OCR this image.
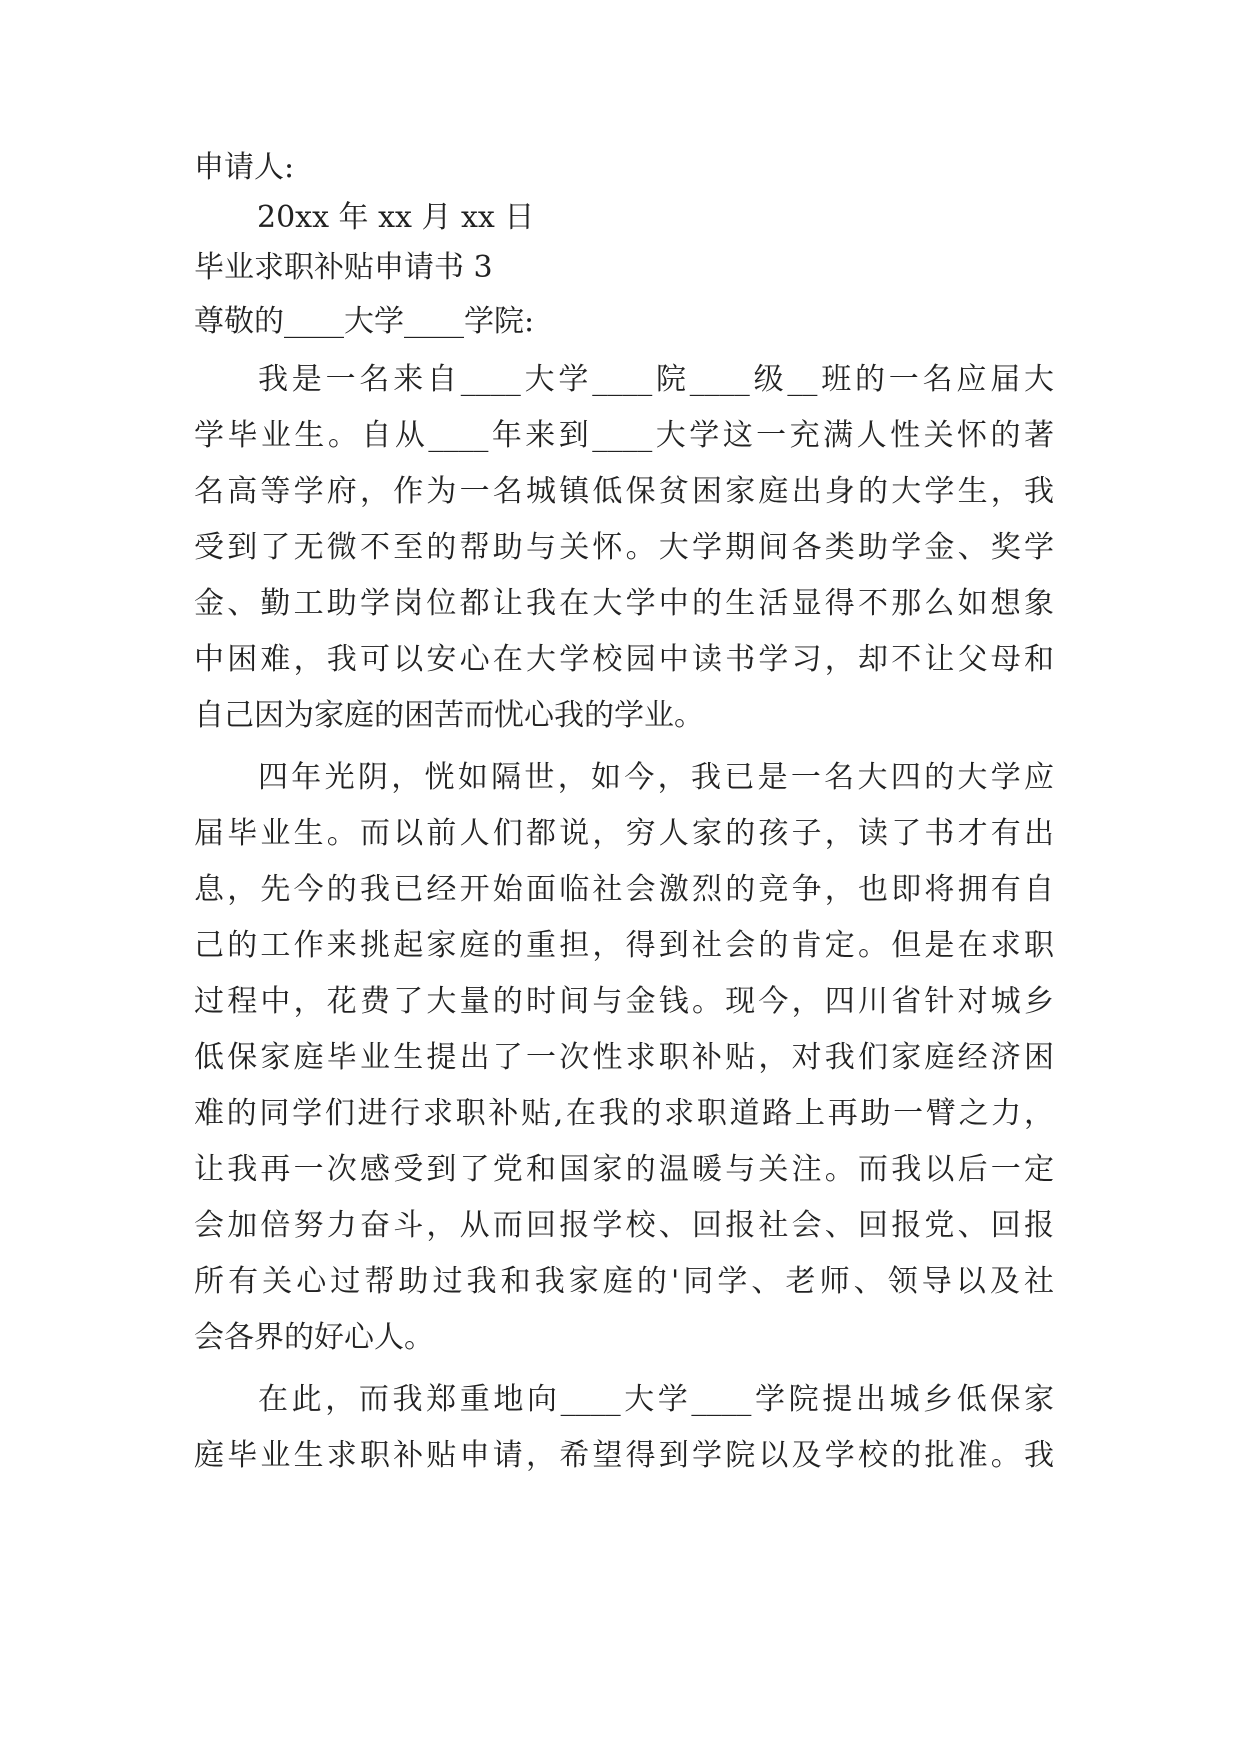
申请人:
20xx 年 xx 月 xx 日
毕业求职补贴申请书 3
尊敬的____大学____学院:
我是一名来自____大学____院____级__班的一名应届大
学毕业生。自从____年来到____大学这一充满人性关怀的著
名高等学府，作为一名城镇低保贫困家庭出身的大学生，我
受到了无微不至的帮助与关怀。大学期间各类助学金、奖学
金、勤工助学岗位都让我在大学中的生活显得不那么如想象
中困难，我可以安心在大学校园中读书学习，却不让父母和
自己因为家庭的困苦而忧心我的学业。
四年光阴，恍如隔世，如今，我已是一名大四的大学应
届毕业生。而以前人们都说，穷人家的孩子，读了书才有出
息，先今的我已经开始面临社会激烈的竞争，也即将拥有自
己的工作来挑起家庭的重担，得到社会的肯定。但是在求职
过程中，花费了大量的时间与金钱。现今，四川省针对城乡
低保家庭毕业生提出了一次性求职补贴，对我们家庭经济困
难的同学们进行求职补贴,在我的求职道路上再助一臂之力，
让我再一次感受到了党和国家的温暖与关注。而我以后一定
会加倍努力奋斗，从而回报学校、回报社会、回报党、回报
所有关心过帮助过我和我家庭的'同学、老师、领导以及社
会各界的好心人。
在此，而我郑重地向____大学____学院提出城乡低保家
庭毕业生求职补贴申请，希望得到学院以及学校的批准。我
